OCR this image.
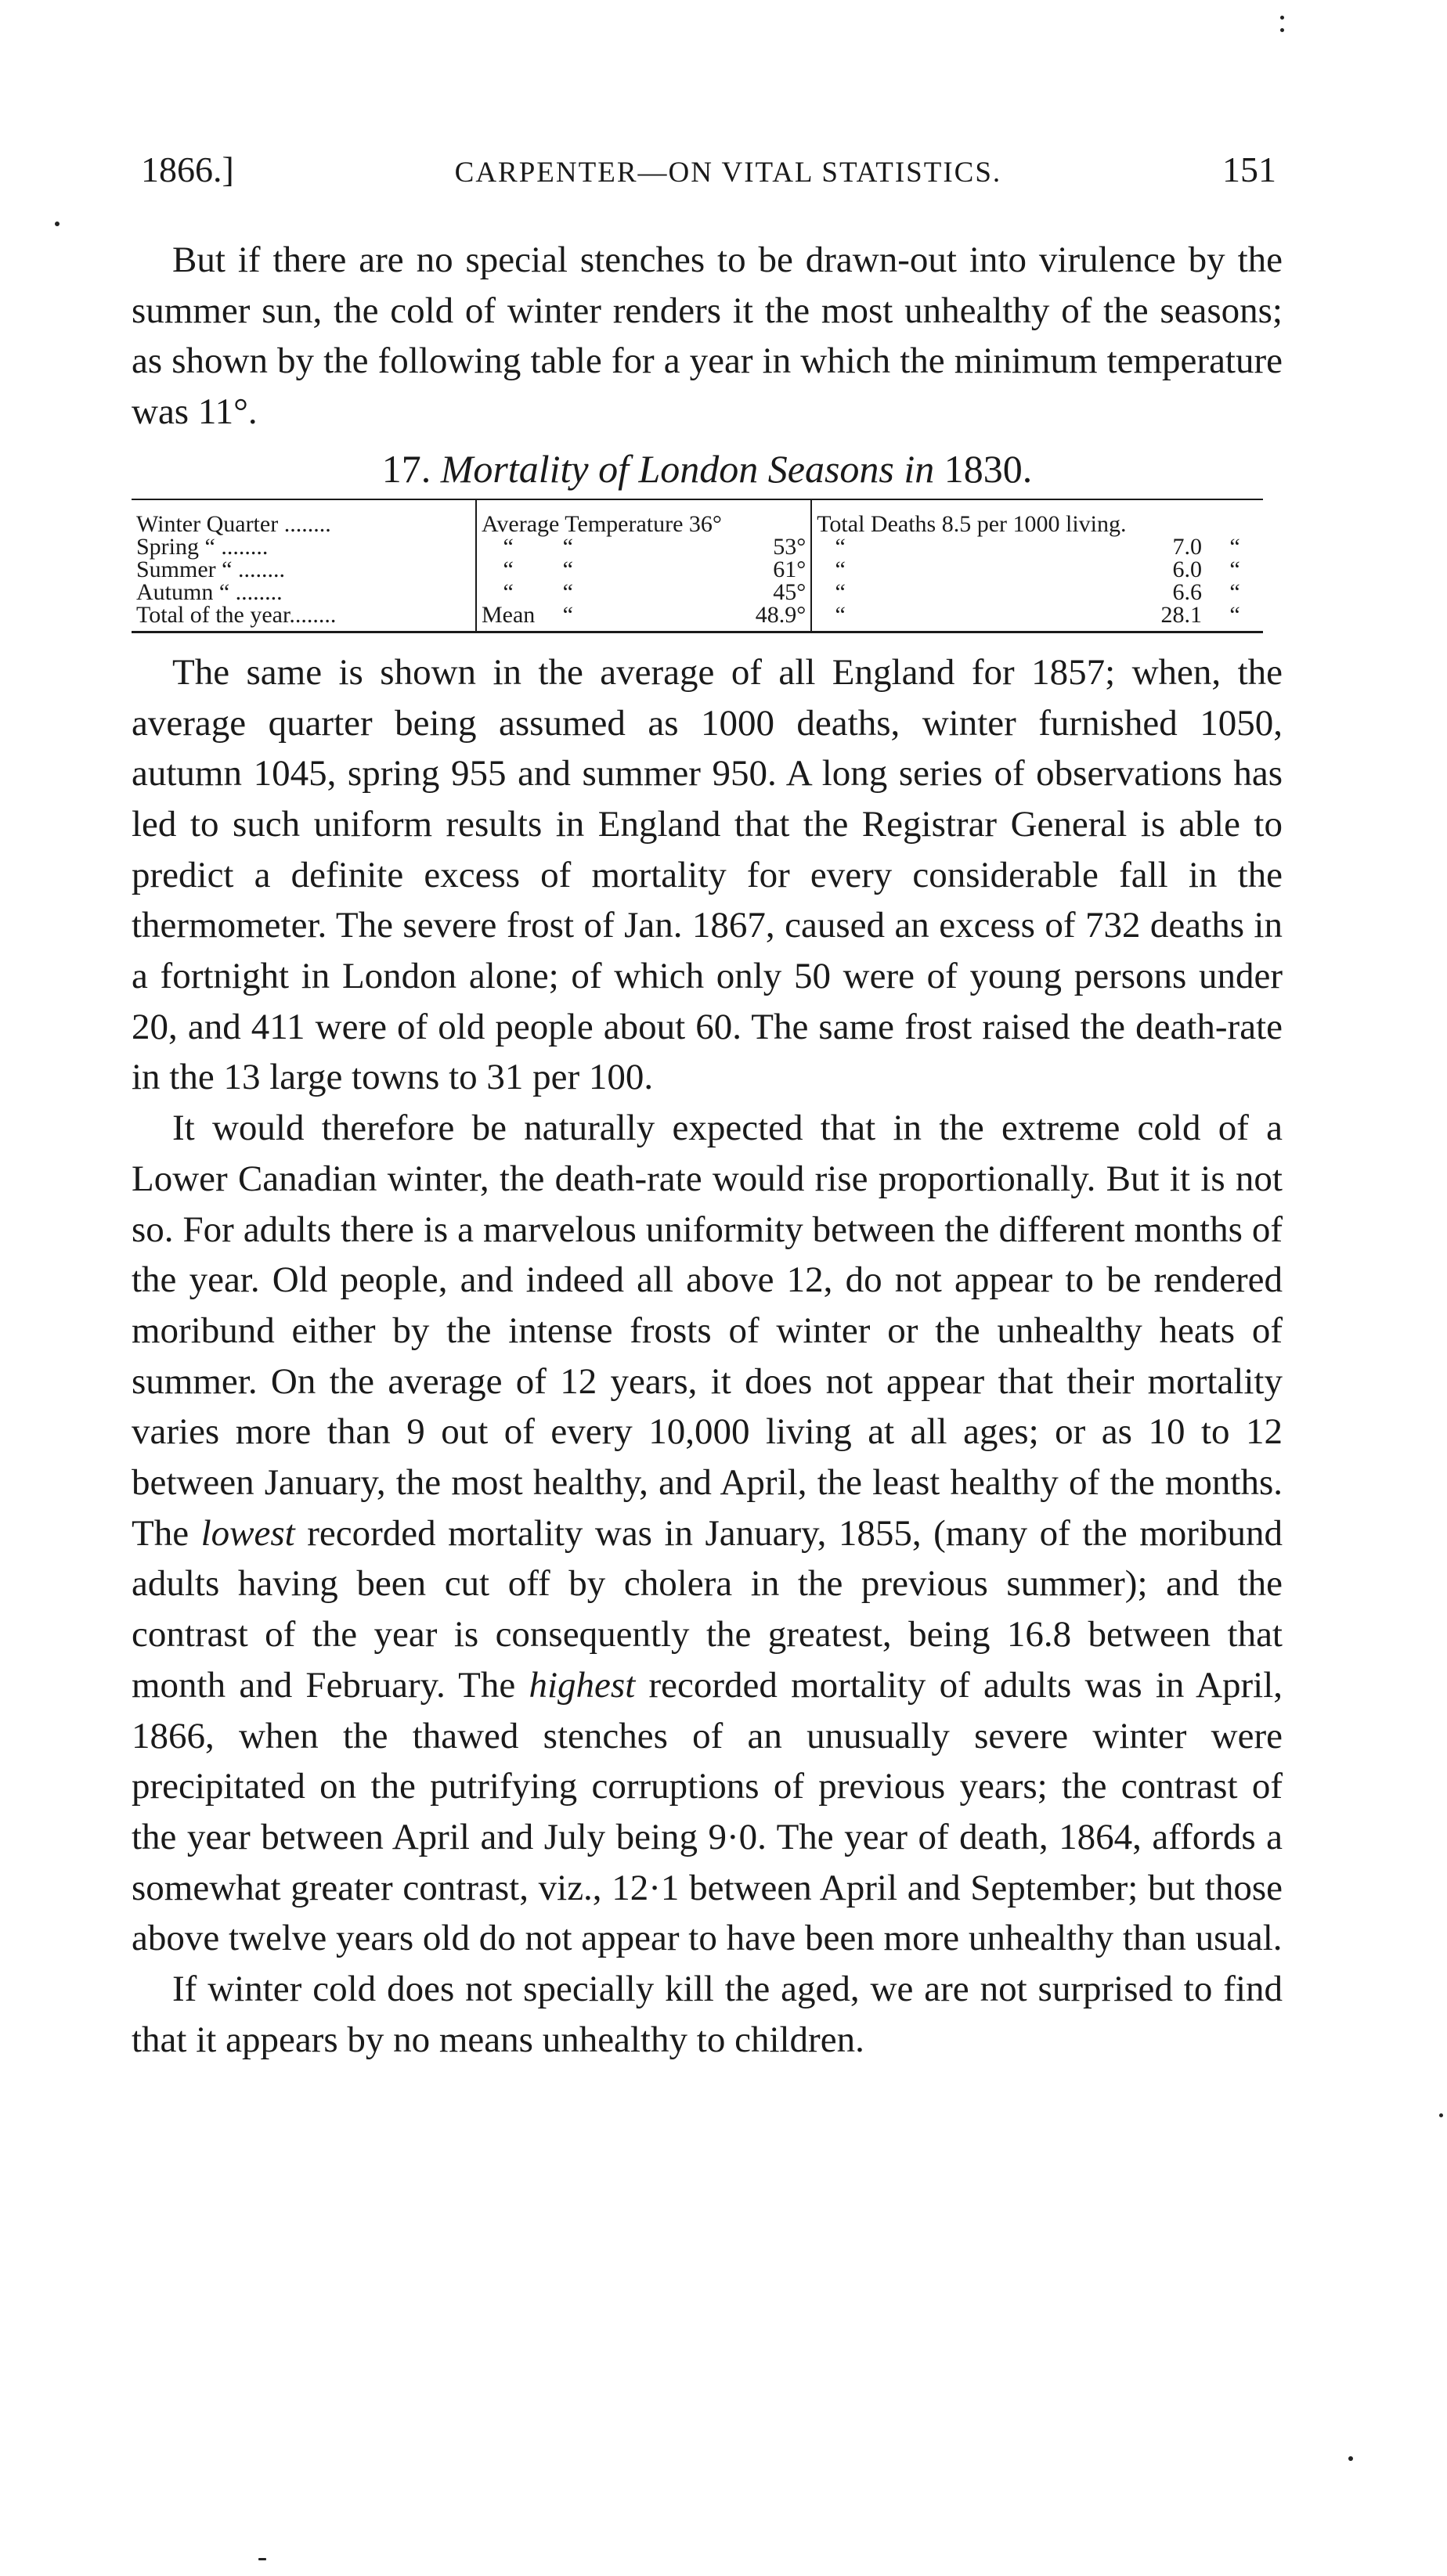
1866.]	CARPENTER—ON VITAL STATISTICS.	151

But if there are no special stenches to be drawn-out into virulence by the summer sun, the cold of winter renders it the most unhealthy of the seasons; as shown by the following table for a year in which the minimum temperature was 11°.

17. Mortality of London Seasons in 1830.
Winter Quarter ........	Average Temperature 36°			Total Deaths 8.5 per 1000 living.		
Spring “ ........	“	“	53°	“	7.0	“
Summer “ ........	“	“	61°	“	6.0	“
Autumn “ ........	“	“	45°	“	6.6	“
Total of the year........	Mean	“	48.9°	“	28.1	“

The same is shown in the average of all England for 1857; when, the average quarter being assumed as 1000 deaths, winter furnished 1050, autumn 1045, spring 955 and summer 950. A long series of observations has led to such uniform results in England that the Registrar General is able to predict a definite excess of mortality for every considerable fall in the thermometer. The severe frost of Jan. 1867, caused an excess of 732 deaths in a fortnight in London alone; of which only 50 were of young persons under 20, and 411 were of old people about 60. The same frost raised the death-rate in the 13 large towns to 31 per 100.

It would therefore be naturally expected that in the extreme cold of a Lower Canadian winter, the death-rate would rise proportionally. But it is not so. For adults there is a marvelous uniformity between the different months of the year. Old people, and indeed all above 12, do not appear to be rendered moribund either by the intense frosts of winter or the unhealthy heats of summer. On the average of 12 years, it does not appear that their mortality varies more than 9 out of every 10,000 living at all ages; or as 10 to 12 between January, the most healthy, and April, the least healthy of the months. The lowest recorded mortality was in January, 1855, (many of the moribund adults having been cut off by cholera in the previous summer); and the contrast of the year is consequently the greatest, being 16.8 between that month and February. The highest recorded mortality of adults was in April, 1866, when the thawed stenches of an unusually severe winter were precipitated on the putrifying corruptions of previous years; the contrast of the year between April and July being 9·0. The year of death, 1864, affords a somewhat greater contrast, viz., 12·1 between April and September; but those above twelve years old do not appear to have been more unhealthy than usual.

If winter cold does not specially kill the aged, we are not surprised to find that it appears by no means unhealthy to children.
